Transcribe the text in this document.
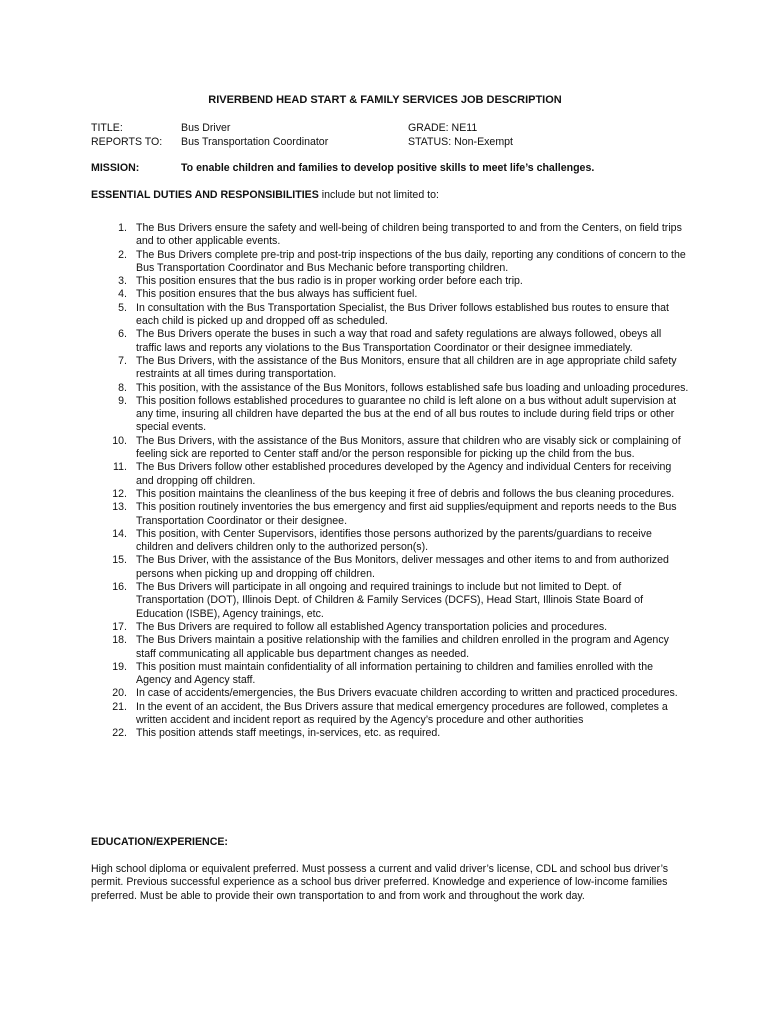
RIVERBEND HEAD START & FAMILY SERVICES JOB DESCRIPTION
TITLE:	Bus Driver	GRADE: NE11
REPORTS TO: Bus Transportation Coordinator	STATUS: Non-Exempt
MISSION:	To enable children and families to develop positive skills to meet life’s challenges.
ESSENTIAL DUTIES AND RESPONSIBILITIES include but not limited to:
1. The Bus Drivers ensure the safety and well-being of children being transported to and from the Centers, on field trips and to other applicable events.
2. The Bus Drivers complete pre-trip and post-trip inspections of the bus daily, reporting any conditions of concern to the Bus Transportation Coordinator and Bus Mechanic before transporting children.
3. This position ensures that the bus radio is in proper working order before each trip.
4. This position ensures that the bus always has sufficient fuel.
5. In consultation with the Bus Transportation Specialist, the Bus Driver follows established bus routes to ensure that each child is picked up and dropped off as scheduled.
6. The Bus Drivers operate the buses in such a way that road and safety regulations are always followed, obeys all traffic laws and reports any violations to the Bus Transportation Coordinator or their designee immediately.
7. The Bus Drivers, with the assistance of the Bus Monitors, ensure that all children are in age appropriate child safety restraints at all times during transportation.
8. This position, with the assistance of the Bus Monitors, follows established safe bus loading and unloading procedures.
9. This position follows established procedures to guarantee no child is left alone on a bus without adult supervision at any time, insuring all children have departed the bus at the end of all bus routes to include during field trips or other special events.
10. The Bus Drivers, with the assistance of the Bus Monitors, assure that children who are visably sick or complaining of feeling sick are reported to Center staff and/or the person responsible for picking up the child from the bus.
11. The Bus Drivers follow other established procedures developed by the Agency and individual Centers for receiving and dropping off children.
12. This position maintains the cleanliness of the bus keeping it free of debris and follows the bus cleaning procedures.
13. This position routinely inventories the bus emergency and first aid supplies/equipment and reports needs to the Bus Transportation Coordinator or their designee.
14. This position, with Center Supervisors, identifies those persons authorized by the parents/guardians to receive children and delivers children only to the authorized person(s).
15. The Bus Driver, with the assistance of the Bus Monitors, deliver messages and other items to and from authorized persons when picking up and dropping off children.
16. The Bus Drivers will participate in all ongoing and required trainings to include but not limited to Dept. of Transportation (DOT), Illinois Dept. of Children & Family Services (DCFS), Head Start, Illinois State Board of Education (ISBE), Agency trainings, etc.
17. The Bus Drivers are required to follow all established Agency transportation policies and procedures.
18. The Bus Drivers maintain a positive relationship with the families and children enrolled in the program and Agency staff communicating all applicable bus department changes as needed.
19. This position must maintain confidentiality of all information pertaining to children and families enrolled with the Agency and Agency staff.
20. In case of accidents/emergencies, the Bus Drivers evacuate children according to written and practiced procedures.
21. In the event of an accident, the Bus Drivers assure that medical emergency procedures are followed, completes a written accident and incident report as required by the Agency’s procedure and other authorities
22. This position attends staff meetings, in-services, etc. as required.
EDUCATION/EXPERIENCE:
High school diploma or equivalent preferred. Must possess a current and valid driver’s license, CDL and school bus driver’s permit. Previous successful experience as a school bus driver preferred. Knowledge and experience of low-income families preferred. Must be able to provide their own transportation to and from work and throughout the work day.
